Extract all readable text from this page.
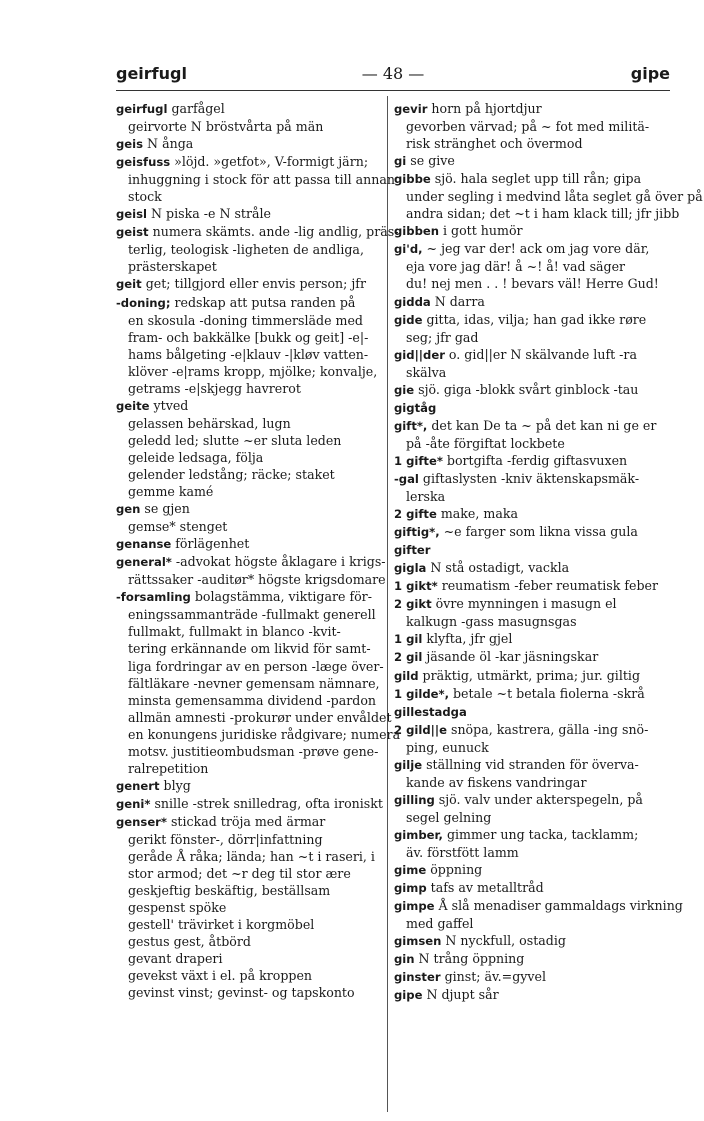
geirfugl	— 48 —	gipe
geirfugl garfågel
geirvorte N bröstvårta på män
geis N ånga
geisfuss »löjd. »getfot», V-formigt järn;
inhuggning i stock för att passa till annan
stock
geisl N piska -e N stråle
geist numera skämts. ande -lig andlig, präs-
terlig, teologisk -ligheten de andliga,
prästerskapet
geit get; tillgjord eller envis person; jfr
-doning; redskap att putsa randen på
en skosula -doning timmersläde med
fram- och bakkälke [bukk og geit] -e|-
hams bålgeting -e|klauv -|kløv vatten-
klöver -e|rams kropp, mjölke; konvalje,
getrams -e|skjegg havrerot
geite ytved
gelassen behärskad, lugn
geledd led; slutte ~er sluta leden
geleide ledsaga, följa
gelender ledstång; räcke; staket
gemme kamé
gen se gjen
gemse* stenget
genanse förlägenhet
general* -advokat högste åklagare i krigs-
rättssaker -auditør* högste krigsdomare
-forsamling bolagstämma, viktigare för-
eningssammanträde -fullmakt generell
fullmakt, fullmakt in blanco -kvit-
tering erkännande om likvid för samt-
liga fordringar av en person -læge över-
fältläkare -nevner gemensam nämnare,
minsta gemensamma dividend -pardon
allmän amnesti -prokurør under envåldet
en konungens juridiske rådgivare; numera
motsv. justitieombudsman -prøve gene-
ralrepetition
genert blyg
geni* snille -strek snilledrag, ofta ironiskt
genser* stickad tröja med ärmar
gerikt fönster-, dörr|infattning
geråde Å råka; lända; han ~t i raseri, i
stor armod; det ~r deg til stor ære
geskjeftig beskäftig, beställsam
gespenst spöke
gestell' trävirket i korgmöbel
gestus gest, åtbörd
gevant draperi
gevekst växt i el. på kroppen
gevinst vinst; gevinst- og tapskonto
gevir horn på hjortdjur
gevorben värvad; på ~ fot med militä-
risk stränghet och övermod
gi se give
gibbe sjö. hala seglet upp till rån; gipa
under segling i medvind låta seglet gå över på
andra sidan; det ~t i ham klack till; jfr jibb
gibben i gott humör
gi'd, ~ jeg var der! ack om jag vore där,
eja vore jag där! å ~! å! vad säger
du! nej men . . ! bevars väl! Herre Gud!
gidda N darra
gide gitta, idas, vilja; han gad ikke røre
seg; jfr gad
gid||der o. gid||er N skälvande luft -ra
skälva
gie sjö. giga -blokk svårt ginblock -tau
gigtåg
gift*, det kan De ta ~ på det kan ni ge er
på -åte förgiftat lockbete
1 gifte* bortgifta -ferdig giftasvuxen
-gal giftaslysten -kniv äktenskapsmäk-
lerska
2 gifte make, maka
giftig*, ~e farger som likna vissa gula
gifter
gigla N stå ostadigt, vackla
1 gikt* reumatism -feber reumatisk feber
2 gikt övre mynningen i masugn el
kalkugn -gass masugnsgas
1 gil klyfta, jfr gjel
2 gil jäsande öl -kar jäsningskar
gild präktig, utmärkt, prima; jur. giltig
1 gilde*, betale ~t betala fiolerna -skrå
gillestadga
2 gild||e snöpa, kastrera, gälla -ing snö-
ping, eunuck
gilje ställning vid stranden för överva-
kande av fiskens vandringar
gilling sjö. valv under akterspegeln, på
segel gelning
gimber, gimmer ung tacka, tacklamm;
äv. förstfött lamm
gime öppning
gimp tafs av metalltråd
gimpe Å slå menadiser gammaldags virkning
med gaffel
gimsen N nyckfull, ostadig
gin N trång öppning
ginster ginst; äv.=gyvel
gipe N djupt sår
